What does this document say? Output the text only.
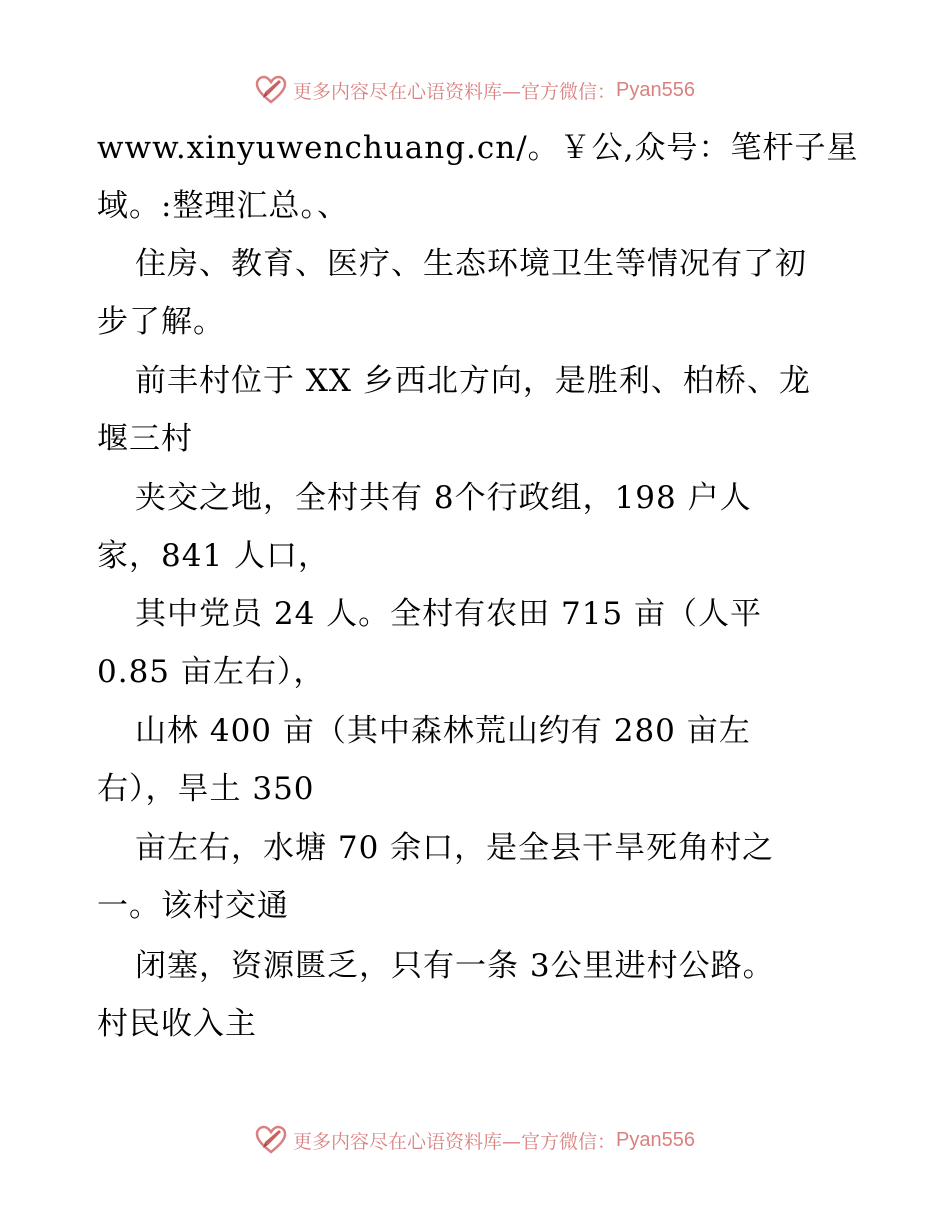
更多内容尽在心语资料库—官方微信： Pyan556
www.xinyuwenchuang.cn/。￥公,众号：笔杆子星
域。:整理汇总。、
住房、教育、医疗、生态环境卫生等情况有了初
步了解。
前丰村位于 XX 乡西北方向，是胜利、柏桥、龙
堰三村
夹交之地，全村共有 8个行政组，198 户人
家，841 人口，
其中党员 24 人。全村有农田 715 亩（人平
0.85 亩左右），
山林 400 亩（其中森林荒山约有 280 亩左
右），旱土 350
亩左右，水塘 70 余口，是全县干旱死角村之
一。该村交通
闭塞，资源匮乏，只有一条 3公里进村公路。
村民收入主
更多内容尽在心语资料库—官方微信： Pyan556
